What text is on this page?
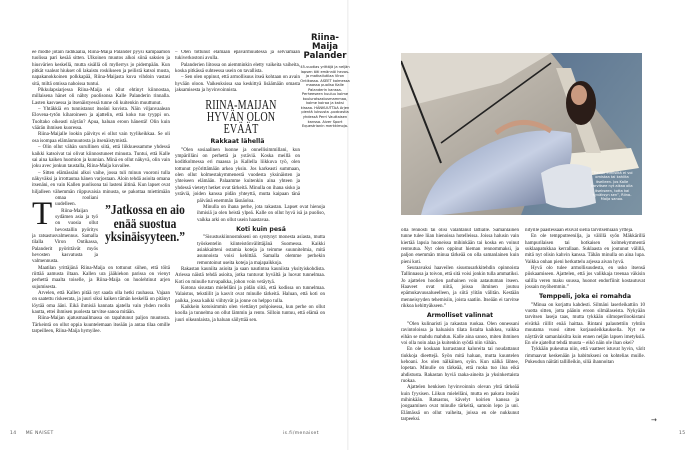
T

ee modle jotain radikaalia, Riina-Maija Palander pyysi kampaamon tuolissa pari kesää sitten. Ulkoinen muutos alkoi siinä saksien ja hiusvärien keskellä, mutta sisällä oli myllerrys jo pidempään. Kun pitkät vaaleat hiukset oli lakaistu roskikseen ja peilistä katsoi musta, napakanokkoinen polkkapää, Riina-Maijasta kuva vihdoin vastasi sitä, miltä omissa nahoissa tuntui.

Pikkulapsiarjessa Riina-Maija ei ollut ehtinyt kiinnostaa, millaisena hänet oli nähty puolisonsa Kalle Palanderin rinnalla. Lasten kasvaessa ja itsenäistyessä tunne oli kuitenkin muuttunut.

– Yhtäkkiä en tunnistanut itseäni kuvista. Näin viljanvaalean Elovena-tytön kiharoineen ja ajattelin, että koko tuo tyyppi on. Tuoltako oikeasti näytän? Apua, haluan eroon hänestä! Olin kuin väärän ihmisen kuoressa.

Riina-Maijalle lookin päivitys ei ollut vain tyylikeikkaa. Se oli osa isompaa elämänmuutosta ja itsenäistymistä.

– Olin ollut vähän surullinen siitä, että liikkuessamme yhdessä kaikki katsoivat tai olivat kiinnostuneet minusta. Tuntui, että Kalle sai aina kaiken huomion ja kunnian. Minä en ollut näkyvä, olin vain joku avec jonkun taustalla, Riina-Maija kuvailee.

– Sitten elämässäni alkoi vaihe, jossa tuli minun vuoroni tulla näkyväksi ja irrottautua hänen varjostaan. Aloin tehdä asioita omana itsenäni, en vain Kallen puolisona tai lasteni äitinä. Kun lapset ovat hiljalleen vähemmän riippuvaisia minusta, se pakottaa miettimään omaa rooliani uudelleen.

Riina-Maijan sydämen asia ja työ on vuosia ollut hevostallin pyöritys ja ratsastusvalmennus. Samalla tilalla Viron Ontikassa, Palanderit pyörittävät myös hevosten kasvatusta ja valmennusta.

Maatilan yrittäjänä Riina-Maija on tottunut siihen, että töitä riittää aamusta iltaan. Kallen ura jääkiekon parissa on vienyt perhettä maalta toiselle, ja Riina-Maija on huolehtinut arjen sujumisesta.

Arvelen, että Kallen pitää nyt saada olla hetki rauhassa. Vajaan on saatettu riskeerata, ja juuri siksi kaiken tämän keskellä on pitänyt löytää oma ääni. Eikä ihmisiä kannata ajatella vain yhden roolin kautta, ettei ihmisen puolesta tarvitse sanoa mitään.

Riina-Maijan ajatusmaailmassa on tapahtunut paljon muutosta. Tärkeintä on ollut oppia kuuntelemaan itseään ja antaa tilaa omille tarpeilleen, Riina-Maija hymyilee.

”Jatkossa en aio enää suostua yksinäisyyteen.”

– Olen tottunut elämään epävarmuudessa ja selviämään tukiverkostoni avulla.

Palanderien liitossa on aiemminkin eletty vaikeita vaiheita, koska pitkässä suhteessa usein on tavallista.

– Sen olen oppinut, että armollisuus itseä kohtaan on avain hyvään oloon. Vaikeuksissa saa keskittyä lisäämään omasta jaksamisesta ja hyvinvoinnista.

RIINA-MAIJAN HYVÄN OLON EVÄÄT
Rakkaat lähellä

”Olen sosiaalinen luonne ja onnellisimmillani, kun ympärilläni on perhettä ja ystäviä. Koska meillä on koditkolmessa eri maassa ja Kallella liikkuva työ, olen tottunut pyörittämään arkea yksin. Jos karkeasti summaan, olen ollut kolmestakymmenestä vuodesta yksinäisten ja yhteiseen elämään. Palaamme kuitenkin aina yhteen ja yhdessä vietetyt hetket ovat tärkeitä. Minulla on ihana sisko ja ystäviä, joiden kanssa pidän yhteyttä, mutta kaipaan tänä päivänä enemmän läsnäoloa.

Minulla on ihana perhe, jota rakastan. Lapset ovat hienoja ihmisiä ja olen heistä ylpeä. Kalle on ollut hyvä isä ja puoliso, vaikka arki on ollut usein haastavaa.

Koti kuin pesä

”Sisustuskiinnostukseni on syntynyt monesta asiasta, mutta työskentelin kiinteistönvälittäjänä Suomessa. Kaikki asiakkaitteni ostamia koteja ja teimme suunnitelmia, mitä asunnoista voisi kehittää. Samalla olemme perhekin remontoinut useita koteja ja majapaikkoja.

Rakastan kauniita asioita ja saan nautintoa kauniista yksityiskohdista. Ariessa näistä tehdä asioita, jotka tuntuvat hyvältä ja luovat tunnelmaa. Koti on minulle turvapaikka, johon voin vetäytyä.

Kotona sisustan mielelläni ja pidän siitä, että kodissa on tunnelmaa. Valaistus, tekstiilit ja kasvit ovat minulle tärkeitä. Haluan, että koti on paikka, jossa kaikki viihtyvät ja jonne on helppo tulla.

Kaikkein kotoisimmin olen viettänyt pohjoisessa, kun perhe on ollut koolla ja tunnelma on ollut lämmin ja rento. Silloin tuntuu, että elämä on juuri oikeanlaista, ja haluan säilyttää sen.

Riina-Maija Palander
45-vuotias yrittäjä ja neljän lapsen äiti emännöi hevos- ja matkailutilaa Viron Ontikassa. ASEET kolmessa maassa puoliso Kalle Palanderin kanssa. Perheeseen kuuluu kolme kouluratsastusmammaa, kolme koiraa ja kaksi kissaa. HÄNKUUTTAA Arjen pientä luksusta -podcastia yhdessä Perri Vauttaisen kanssa. Aiver Sport Equestrianin merkkimoja.
14 ME NAISET
”Tiedän ihmisiltä ei voi omistaa tai kahlita itselleen. Jos Kalle tarvitsee nyt aikaa olla itsekseen, totta kai hyväksyn sen”, Riina-Maija sanoo.

olla rennosti tai olisi valahtanut lattialle. Samanlainen tunne tulee liian hienoissa hotelleissa. Joissa halusin vain kiertää lapsia huoneissa mihinkään tai koska en voinut rentoutua. Nyt olen oppinut hieman rennommaksi, ja paljon enemmän minua tärkeää on olla samanlainen kuin pieni koti.

Seuraavaksi haaveilen sisustusarkkitehdin opinnoista Tallinnassa ja toivon, että sitä voisi jonkin tulla ammatiksi. Jo ajattelen hoolien parhainen voin aatautuman itseen. Haaveet ovat niitä, joissa ihminen joutuu epämukavuusalueelleen, ja siitä ylitän välitän. Kestään menneisyyden tehemisiin, joista saatiin. Itseään ei tarvitse rikkoa kehittyäkseen.”

Armolliset valinnat

”Olen kulinaristi ja rakastan ruokaa. Olen onnessani ravintoloissa ja haluaisin tilata listalta kaikkea, vaikka eihän se mahdu mahdun. Kalle aina sanoo, miten ihminen voi olla noin alaa ja kuitenkin syödä niin vähän.

En ole koskaan harrastanut kaloreita tai noudattanut tiukkoja dieettejä. Syön mitä haluan, mutta kuuntelen kehoani. Jos olen nälkäinen, syön. Kun nälkä lähtee, lopetan. Minulle on tärkeää, että ruoka tuo iloa eikä ahdistusta. Rakastan hyviä raaka-aineita ja yksinkertaista ruokaa.

Ajattelen henkisen hyvinvoinnin olevan yhtä tärkeää kuin fyysisen. Liikun mielelläni, mutta en pakota itseäni mihinkään. Ratsastus, kävelyt koirien kanssa ja joogaaminen ovat minulle tärkeitä, samoin lepo ja uni. Elämässä on ollut vaiheita, joissa en ole nukkunut tarpeeksi.

nityille päästessään etsivät siellä tarvitsemiaan yrttejä.

En ole tempputreenilja, ja välillä syön Mäkkärillä hampurilaisen tai hotkaisen kolmekymmentä suklaapatukkaa kerrallaan. Suklaasta en joutunut välillä, mitä nyt olisin kahvin kanssa. Tähän minulla on aina lupa. Vaikka onhan pieni herkuttelu arjessa aivan hyvä.

Hyvä olo tulee armollisuudesta, en usko itsensä piiskaamiseen. Ajattelen, että jos valikkaja treenaa väkisin salilla veren maku suussa, huonot endorfiinit kostautuvat jossain myöhemmin.”

Temppeli, joka ei romahda

”Minua on korjattu kahdesti. Silmäni laserleikattiin 10 vuotta sitten, jotta päänin eroon silmälaseista. Nykyään tarvitsen laseja taas, mutta tykkään silmoperilookistani eivätkä riillit enää haittaa. Rintani palautettiin ryhtiin muutama vuosi sitten korjausleikkauksella. Nyt ne näyttävät samanlaisilta kuin ennen neljän lapsen imetyksiä. En ole ajatellut tehdä muuta – eikö näin ole ihan okei?

Tykkään pukeutua niin, että vaatteet istuvat hyvin, värit rimmaavat keskenään ja habitukseni on kohtelias muille. Pukeudun näitäti tallilleikin, siliä ihannoitan

→
is.fi/menaiset	15
